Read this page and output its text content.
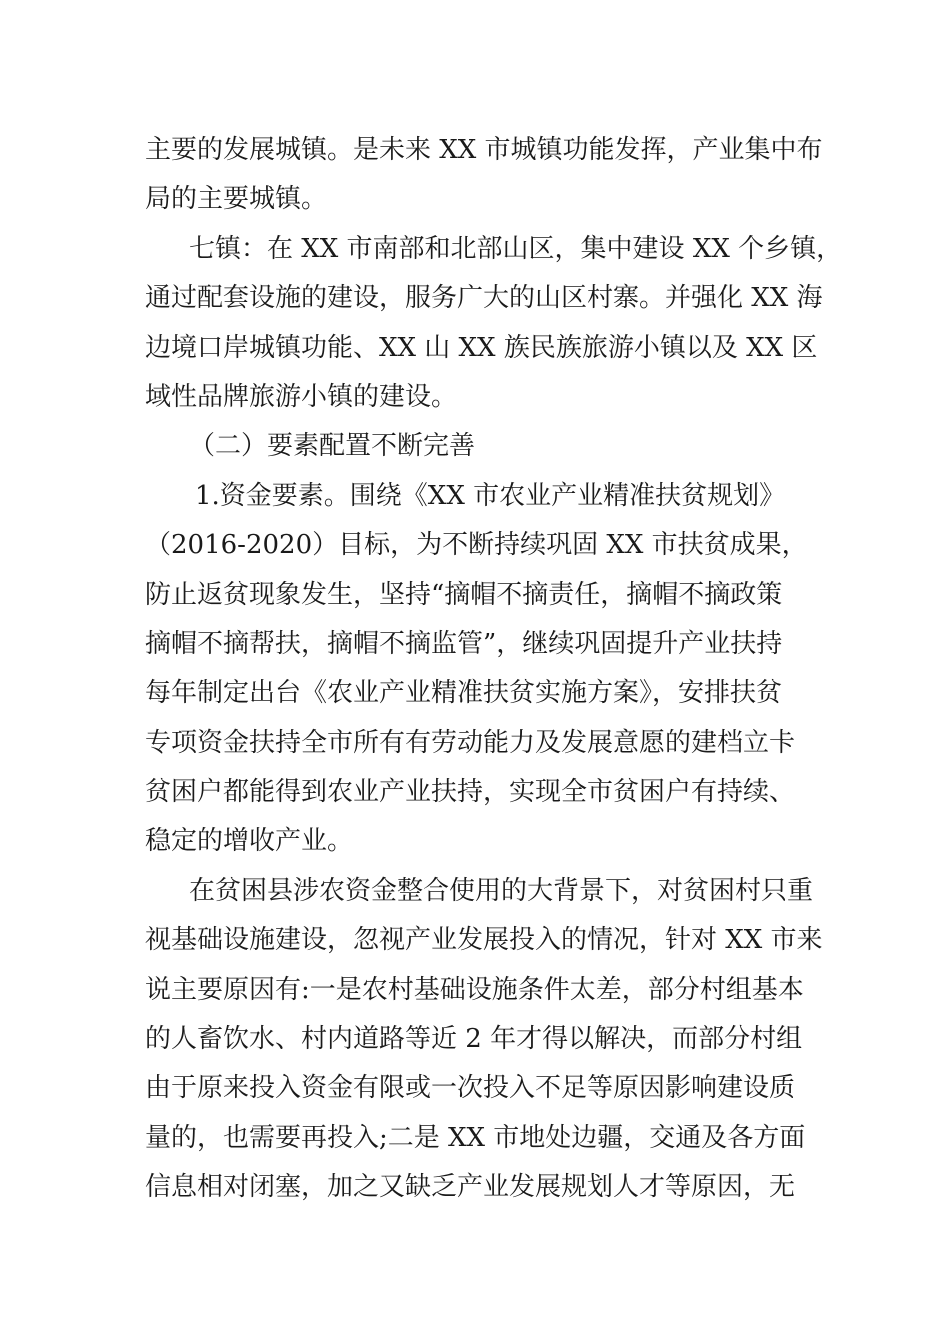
主要的发展城镇。是未来 XX 市城镇功能发挥，产业集中布
局的主要城镇。
七镇：在 XX 市南部和北部山区，集中建设 XX 个乡镇，
通过配套设施的建设，服务广大的山区村寨。并强化 XX 海
边境口岸城镇功能、XX 山 XX 族民族旅游小镇以及 XX 区
域性品牌旅游小镇的建设。
（二）要素配置不断完善
1.资金要素。围绕《XX 市农业产业精准扶贫规划》
（2016-2020）目标，为不断持续巩固 XX 市扶贫成果，
防止返贫现象发生，坚持“摘帽不摘责任，摘帽不摘政策
摘帽不摘帮扶，摘帽不摘监管”，继续巩固提升产业扶持
每年制定出台《农业产业精准扶贫实施方案》，安排扶贫
专项资金扶持全市所有有劳动能力及发展意愿的建档立卡
贫困户都能得到农业产业扶持，实现全市贫困户有持续、
稳定的增收产业。
在贫困县涉农资金整合使用的大背景下，对贫困村只重
视基础设施建设，忽视产业发展投入的情况，针对 XX 市来
说主要原因有:一是农村基础设施条件太差，部分村组基本
的人畜饮水、村内道路等近 2 年才得以解决，而部分村组
由于原来投入资金有限或一次投入不足等原因影响建设质
量的，也需要再投入;二是 XX 市地处边疆，交通及各方面
信息相对闭塞，加之又缺乏产业发展规划人才等原因，无
